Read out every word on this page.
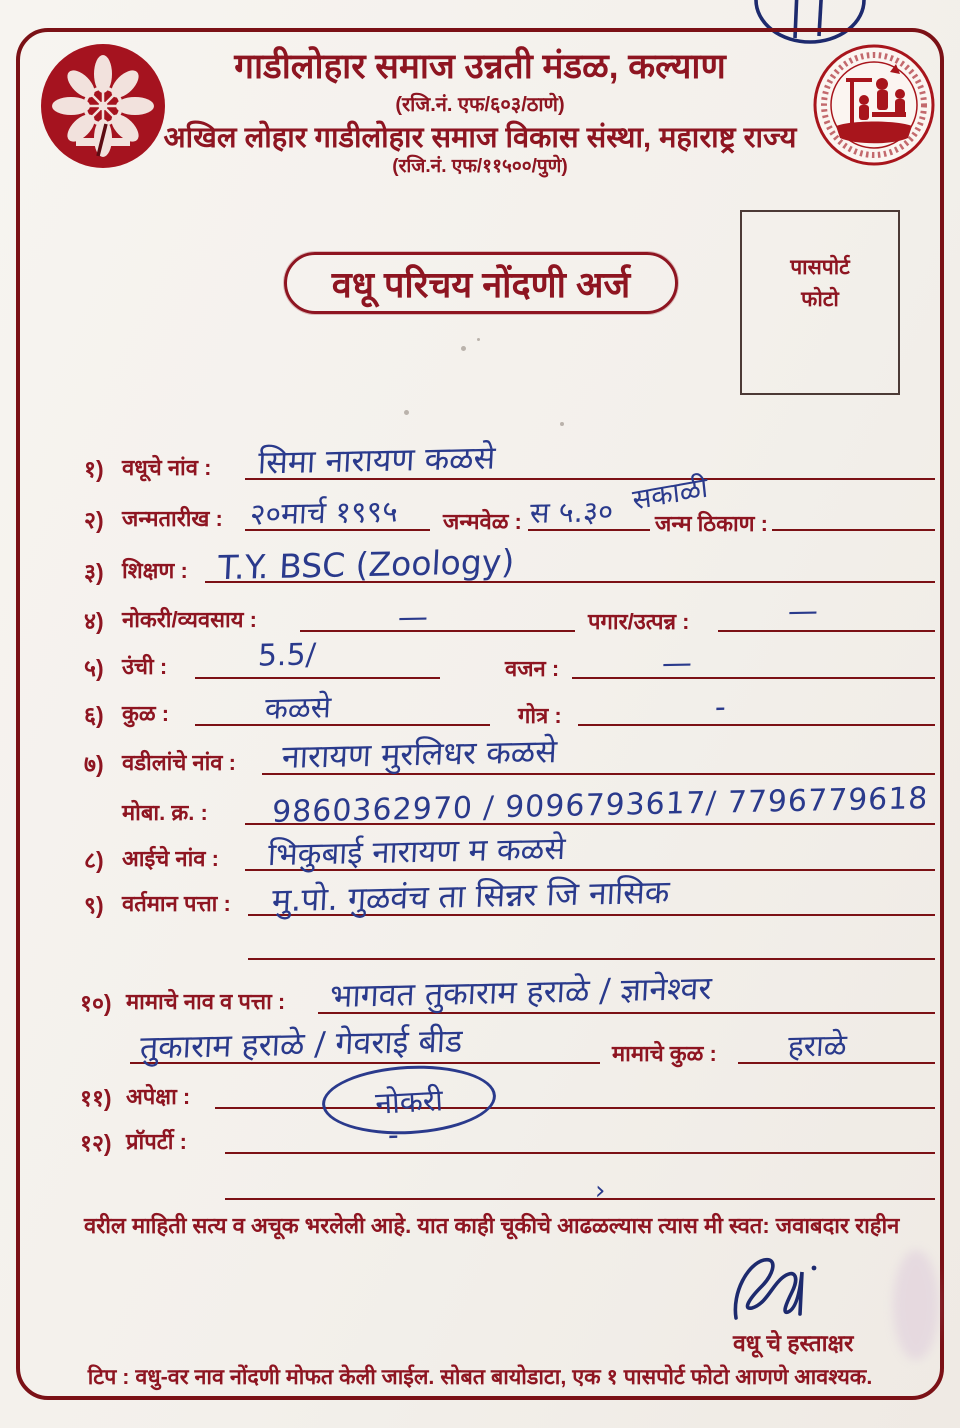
गाडीलोहार समाज उन्नती मंडळ, कल्याण
(रजि.नं. एफ/६०३/ठाणे)
अखिल लोहार गाडीलोहार समाज विकास संस्था, महाराष्ट्र राज्य
(रजि.नं. एफ/११५००/पुणे)
वधू परिचय नोंदणी अर्ज	पासपोर्ट
फोटो
१) वधूचे नांव : सिमा नारायण कळसे
२) जन्मतारीख : २०मार्च १९९५ जन्मवेळ : स ५.३० सकाळी
जन्म ठिकाण :
३) शिक्षण : T.Y. BSC (Zoology)
४) नोकरी/व्यवसाय :	—	पगार/उत्पन्न :	—
५) उंची :	5.5/	वजन :	—
६) कुळ :	कळसे	गोत्र :	-
७) वडीलांचे नांव : नारायण मुरलिधर कळसे
मोबा. क्र. : 9860362970 / 9096793617/ 7796779618
८) आईचे नांव : भिकुबाई नारायण म कळसे
९) वर्तमान पत्ता : मु.पो. गुळवंच ता सिन्नर जि नासिक
१०) मामाचे नाव व पत्ता : भागवत तुकाराम हराळे / ज्ञानेश्वर
तुकाराम हराळे / गेवराई बीड	मामाचे कुळ : हराळे
११) अपेक्षा :	नोकरी
१२) प्रॉपर्टी :	-
›
वरील माहिती सत्य व अचूक भरलेली आहे. यात काही चूकीचे आढळल्यास त्यास मी स्वत: जवाबदार राहीन
वधू चे हस्ताक्षर
टिप : वधु-वर नाव नोंदणी मोफत केली जाईल. सोबत बायोडाटा, एक १ पासपोर्ट फोटो आणणे आवश्यक.
